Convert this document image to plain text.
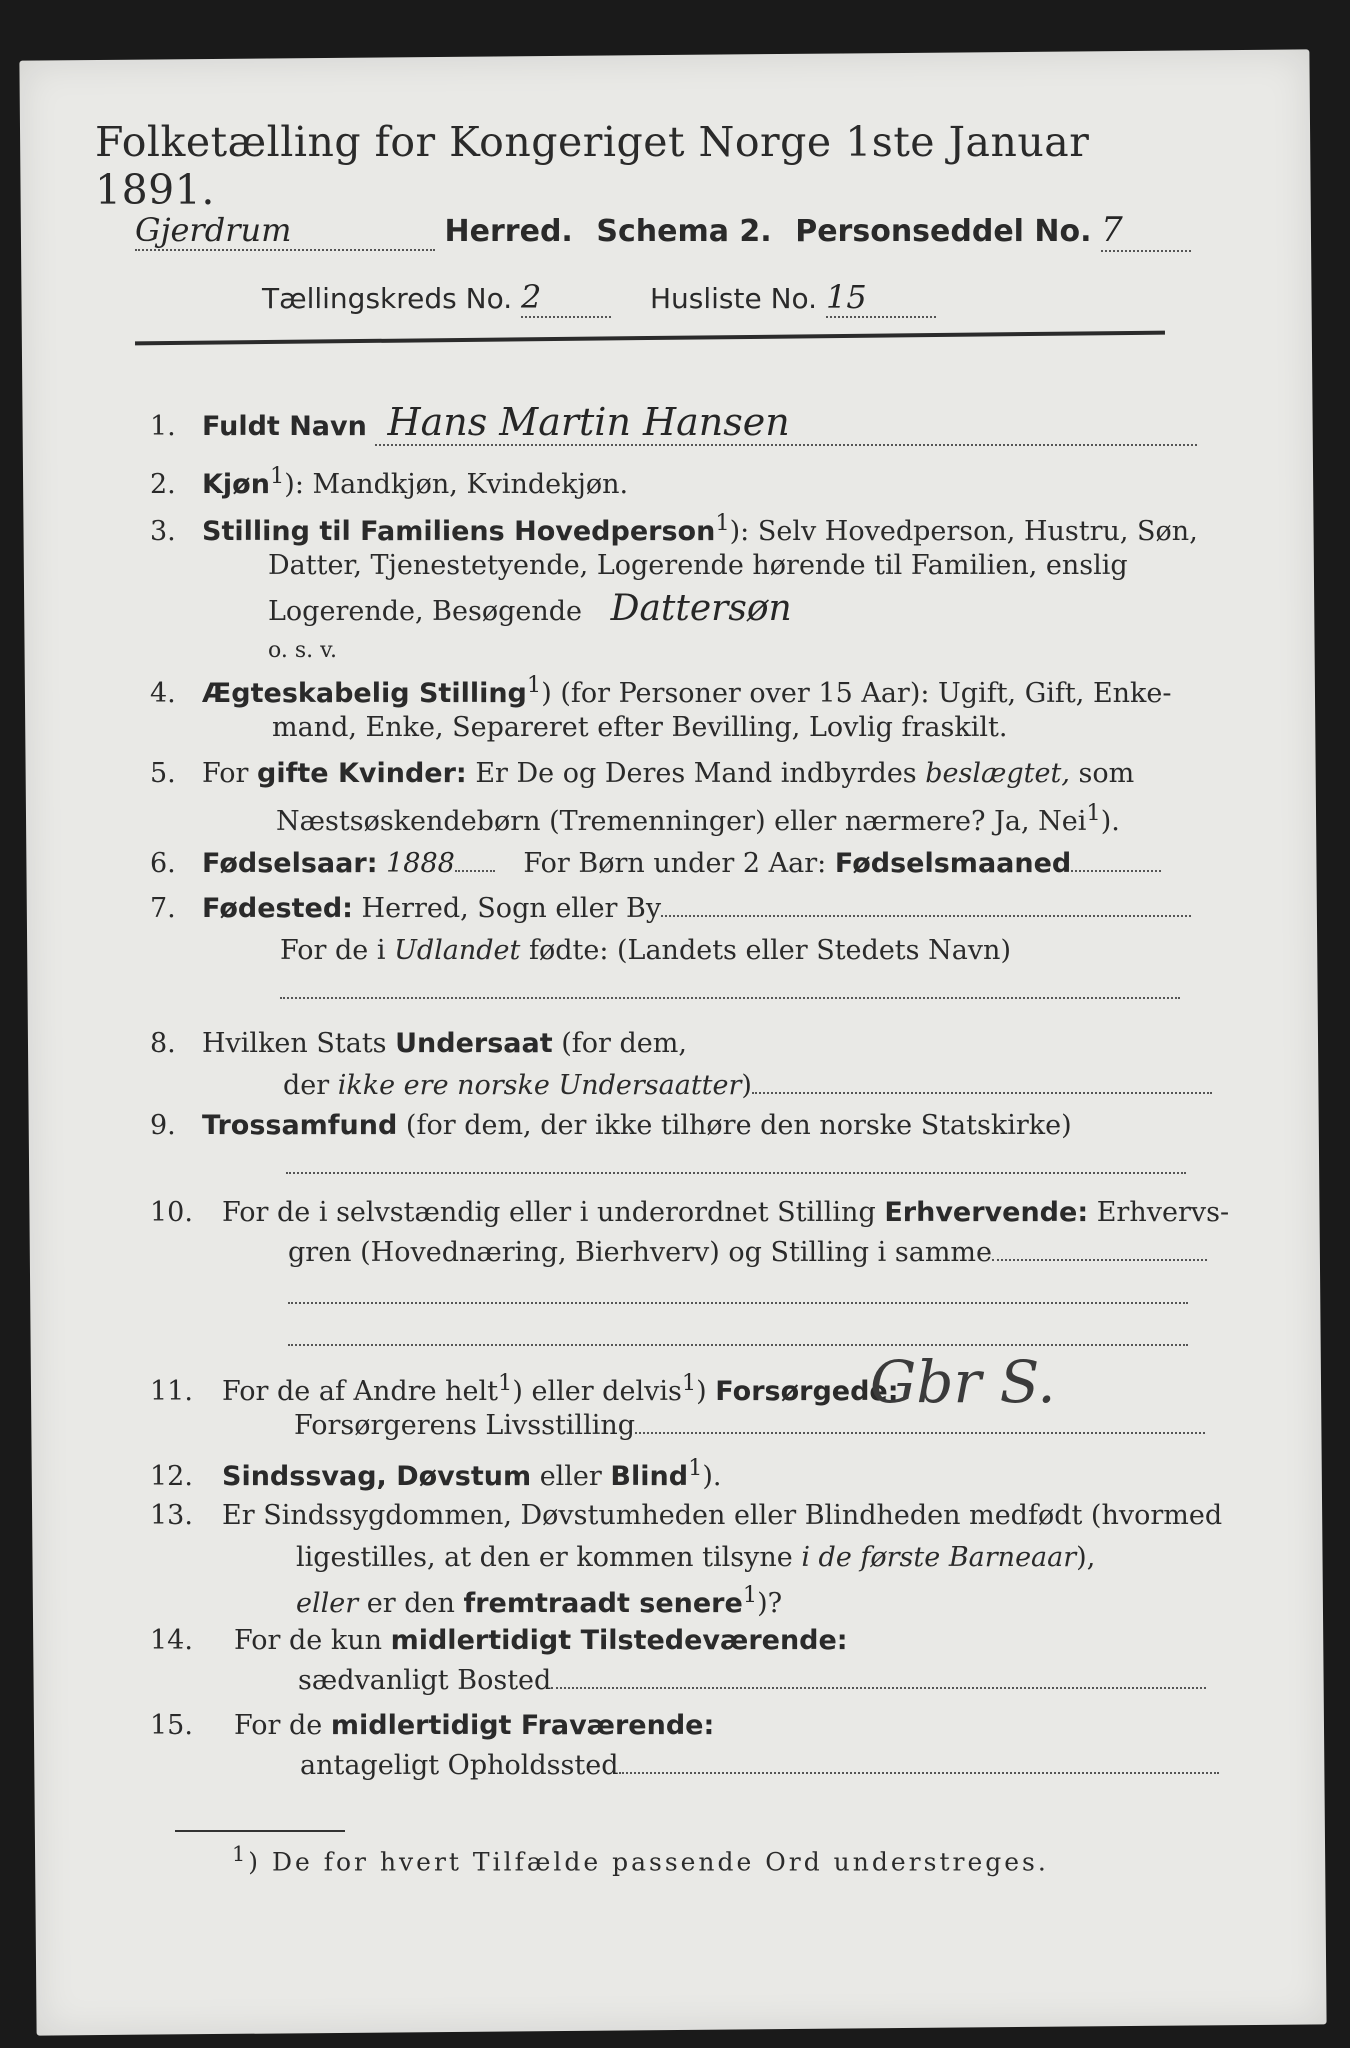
Folketælling for Kongeriget Norge 1ste Januar 1891.
Gjerdrum	Herred. Schema 2. Personseddel No. 7
Tællingskreds No. 2	Husliste No. 15
1. Fuldt Navn Hans Martin Hansen
2. Kjøn$^1$): Mandkjøn, Kvindekjøn.
3. Stilling til Familiens Hovedperson$^1$): Selv Hovedperson, Hustru, Søn,
Datter, Tjenestetyende, Logerende hørende til Familien, enslig
Logerende, Besøgende Dattersøn
o. s. v.
4. Ægteskabelig Stilling$^1$) (for Personer over 15 Aar): Ugift, Gift, Enke-
mand, Enke, Separeret efter Bevilling, Lovlig fraskilt.
5. For gifte Kvinder: Er De og Deres Mand indbyrdes beslægtet, som
Næstsøskendebørn (Tremenninger) eller nærmere? Ja, Nei$^1$).
6. Fødselsaar: 1888	For Børn under 2 Aar: Fødselsmaaned
7. Fødested: Herred, Sogn eller By
For de i Udlandet fødte: (Landets eller Stedets Navn)
8. Hvilken Stats Undersaat (for dem,
der ikke ere norske Undersaatter)
9. Trossamfund (for dem, der ikke tilhøre den norske Statskirke)
10. For de i selvstændig eller i underordnet Stilling Erhvervende: Erhvervs-
gren (Hovednæring, Bierhverv) og Stilling i samme
11. For de af Andre helt$^1$) eller delvis$^1$) Forsørgede:
Gbr S.
Forsørgerens Livsstilling
12. Sindssvag, Døvstum eller Blind$^1$).
13. Er Sindssygdommen, Døvstumheden eller Blindheden medfødt (hvormed
ligestilles, at den er kommen tilsyne i de første Barneaar),
eller er den fremtraadt senere$^1$)?
14. For de kun midlertidigt Tilstedeværende:
sædvanligt Bosted
15. For de midlertidigt Fraværende:
antageligt Opholdssted
$^1$) De for hvert Tilfælde passende Ord understreges.
